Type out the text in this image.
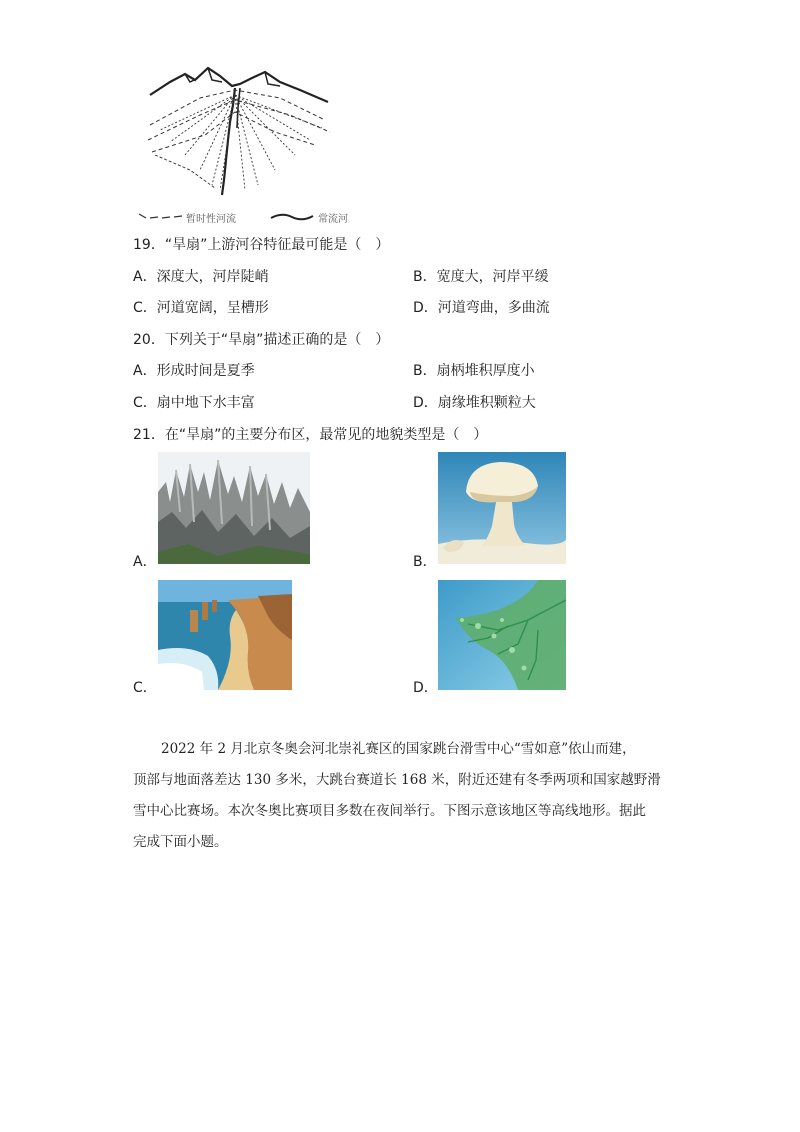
暂时性河流	常流河
19．“旱扇”上游河谷特征最可能是（　）
A．深度大，河岸陡峭	B．宽度大，河岸平缓
C．河道宽阔，呈槽形	D．河道弯曲，多曲流
20．下列关于“旱扇”描述正确的是（　）
A．形成时间是夏季	B．扇柄堆积厚度小
C．扇中地下水丰富	D．扇缘堆积颗粒大
21．在“旱扇”的主要分布区，最常见的地貌类型是（　）
A．	B．
C．	D．
2022 年 2 月北京冬奥会河北崇礼赛区的国家跳台滑雪中心“雪如意”依山而建，
顶部与地面落差达 130 多米，大跳台赛道长 168 米，附近还建有冬季两项和国家越野滑
雪中心比赛场。本次冬奥比赛项目多数在夜间举行。下图示意该地区等高线地形。据此
完成下面小题。
